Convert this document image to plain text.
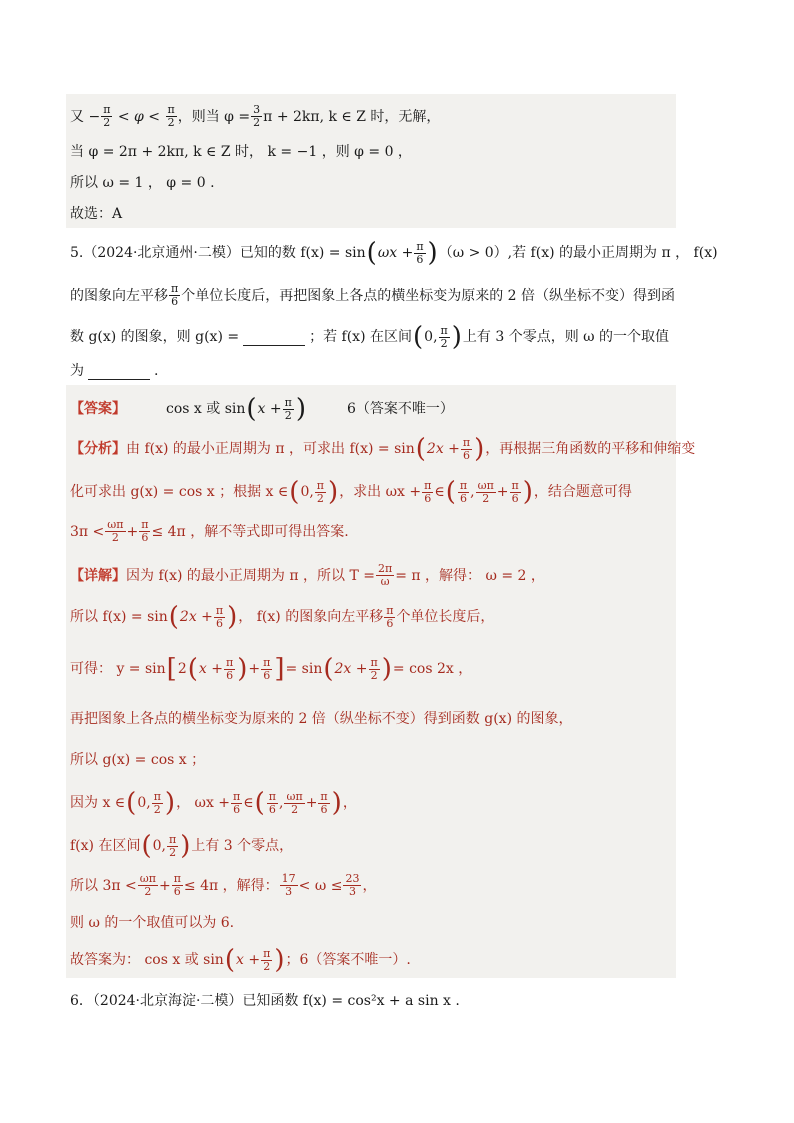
又 − $\frac{\pi}{2} < \varphi < \frac{\pi}{2}$ ，则当 $\varphi = \frac{3}{2}$ π + 2kπ, k ∈ Z 时，无解，
当 φ = 2π + 2kπ, k ∈ Z 时， k = −1 ，则 φ = 0 ，
所以 ω = 1 ， φ = 0 .
故选：A
5.（2024·北京通州·二模）已知的数 f(x) = sin ( $\omega x + \frac{\pi}{6}$ ) （ω > 0）,若 f(x) 的最小正周期为 π ， f(x)
的图象向左平移 $\frac{\pi}{6}$ 个单位长度后，再把图象上各点的横坐标变为原来的 2 倍（纵坐标不变）得到函
数 g(x) 的图象，则 g(x) =	；若 f(x) 在区间 ( 0, $\frac{\pi}{2}$ ) 上有 3 个零点，则 ω 的一个取值
为	.
【答案】	cos x 或 sin ( $x + \frac{\pi}{2}$ )	6（答案不唯一）
【分析】 由 f(x) 的最小正周期为 π ，可求出 f(x) = sin ( $2x + \frac{\pi}{6}$ ) ，再根据三角函数的平移和伸缩变
化可求出 g(x) = cos x ；根据 x ∈ ( 0, $\frac{\pi}{2}$ ) ，求出 $\omega x + \frac{\pi}{6}$ ∈ ( $\frac{\pi}{6}$ , $\frac{\omega\pi}{2} + \frac{\pi}{6}$ ) ，结合题意可得
$3\pi < \frac{\omega\pi}{2} + \frac{\pi}{6} \le 4\pi$ ，解不等式即可得出答案.
【详解】 因为 f(x) 的最小正周期为 π ，所以 $T = \frac{2\pi}{\omega} = \pi$ ，解得： ω = 2 ，
所以 f(x) = sin ( $2x + \frac{\pi}{6}$ ) ， f(x) 的图象向左平移 $\frac{\pi}{6}$ 个单位长度后，
可得： y = sin [ 2 ( $x + \frac{\pi}{6}$ ) + $\frac{\pi}{6}$ ] = sin ( $2x + \frac{\pi}{2}$ ) = cos 2x ，
再把图象上各点的横坐标变为原来的 2 倍（纵坐标不变）得到函数 g(x) 的图象，
所以 g(x) = cos x ；
因为 x ∈ ( 0, $\frac{\pi}{2}$ ) ， $\omega x + \frac{\pi}{6}$ ∈ ( $\frac{\pi}{6}$ , $\frac{\omega\pi}{2} + \frac{\pi}{6}$ ) ，
f(x) 在区间 ( 0, $\frac{\pi}{2}$ ) 上有 3 个零点，
所以 $3\pi < \frac{\omega\pi}{2} + \frac{\pi}{6} \le 4\pi$ ，解得： $\frac{17}{3} < \omega \le \frac{23}{3}$ ，
则 ω 的一个取值可以为 6.
故答案为： cos x 或 sin ( $x + \frac{\pi}{2}$ ) ；6（答案不唯一）.
6．（2024·北京海淀·二模）已知函数 f(x) = cos²x + a sin x .
